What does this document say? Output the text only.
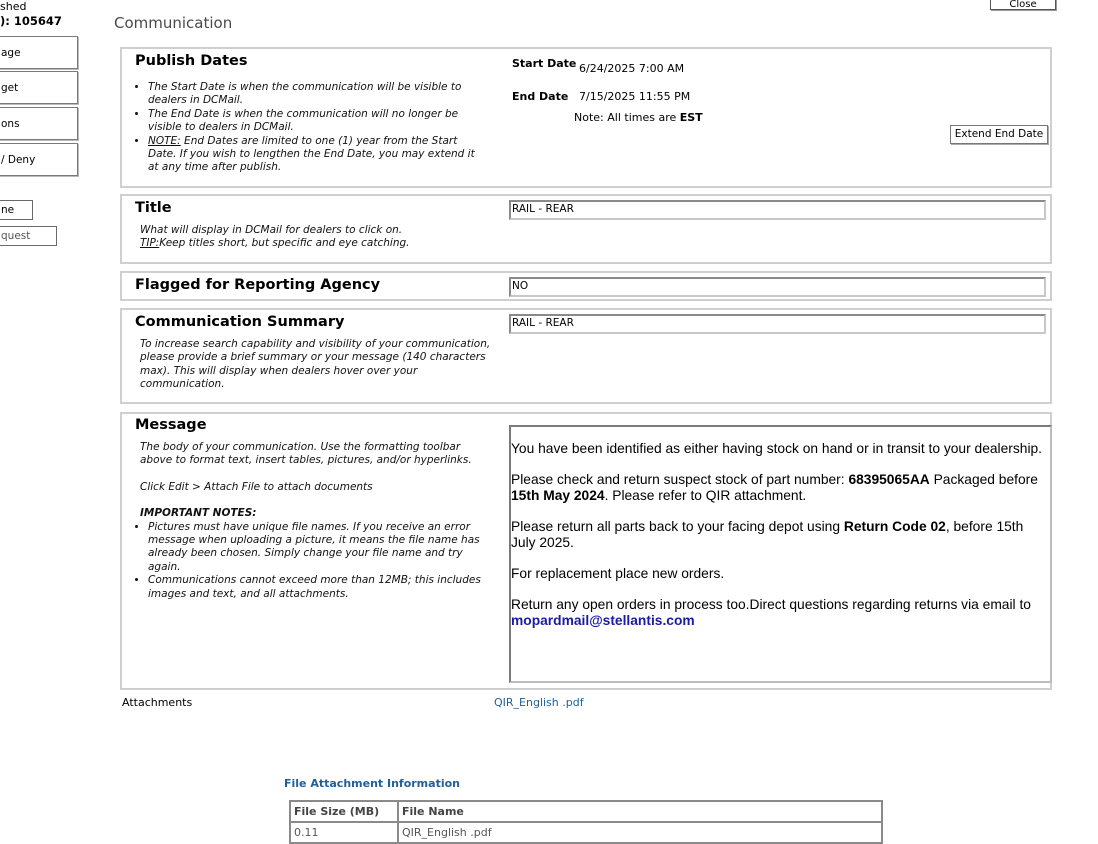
shed
): 105647
age
get
ons
/ Deny
ne
quest
Communication
Close
Publish Dates
• The Start Date is when the communication will be visible to dealers in DCMail.
• The End Date is when the communication will no longer be visible to dealers in DCMail.
• NOTE: End Dates are limited to one (1) year from the Start Date. If you wish to lengthen the End Date, you may extend it at any time after publish.
Start Date 6/24/2025 7:00 AM
End Date 7/15/2025 11:55 PM
Note: All times are EST
Extend End Date
Title
What will display in DCMail for dealers to click on.
TIP:Keep titles short, but specific and eye catching.
RAIL - REAR
Flagged for Reporting Agency	NO
Communication Summary
To increase search capability and visibility of your communication, please provide a brief summary or your message (140 characters max). This will display when dealers hover over your communication.
RAIL - REAR
Message
The body of your communication. Use the formatting toolbar above to format text, insert tables, pictures, and/or hyperlinks.
Click Edit > Attach File to attach documents
IMPORTANT NOTES:
• Pictures must have unique file names. If you receive an error message when uploading a picture, it means the file name has already been chosen. Simply change your file name and try again.
• Communications cannot exceed more than 12MB; this includes images and text, and all attachments.

You have been identified as either having stock on hand or in transit to your dealership.

Please check and return suspect stock of part number: 68395065AA Packaged before 15th May 2024. Please refer to QIR attachment.

Please return all parts back to your facing depot using Return Code 02, before 15th July 2025.

For replacement place new orders.

Return any open orders in process too.Direct questions regarding returns via email to mopardmail@stellantis.com

Attachments	QIR_English .pdf
File Attachment Information
File Size (MB)	File Name
0.11	QIR_English .pdf
